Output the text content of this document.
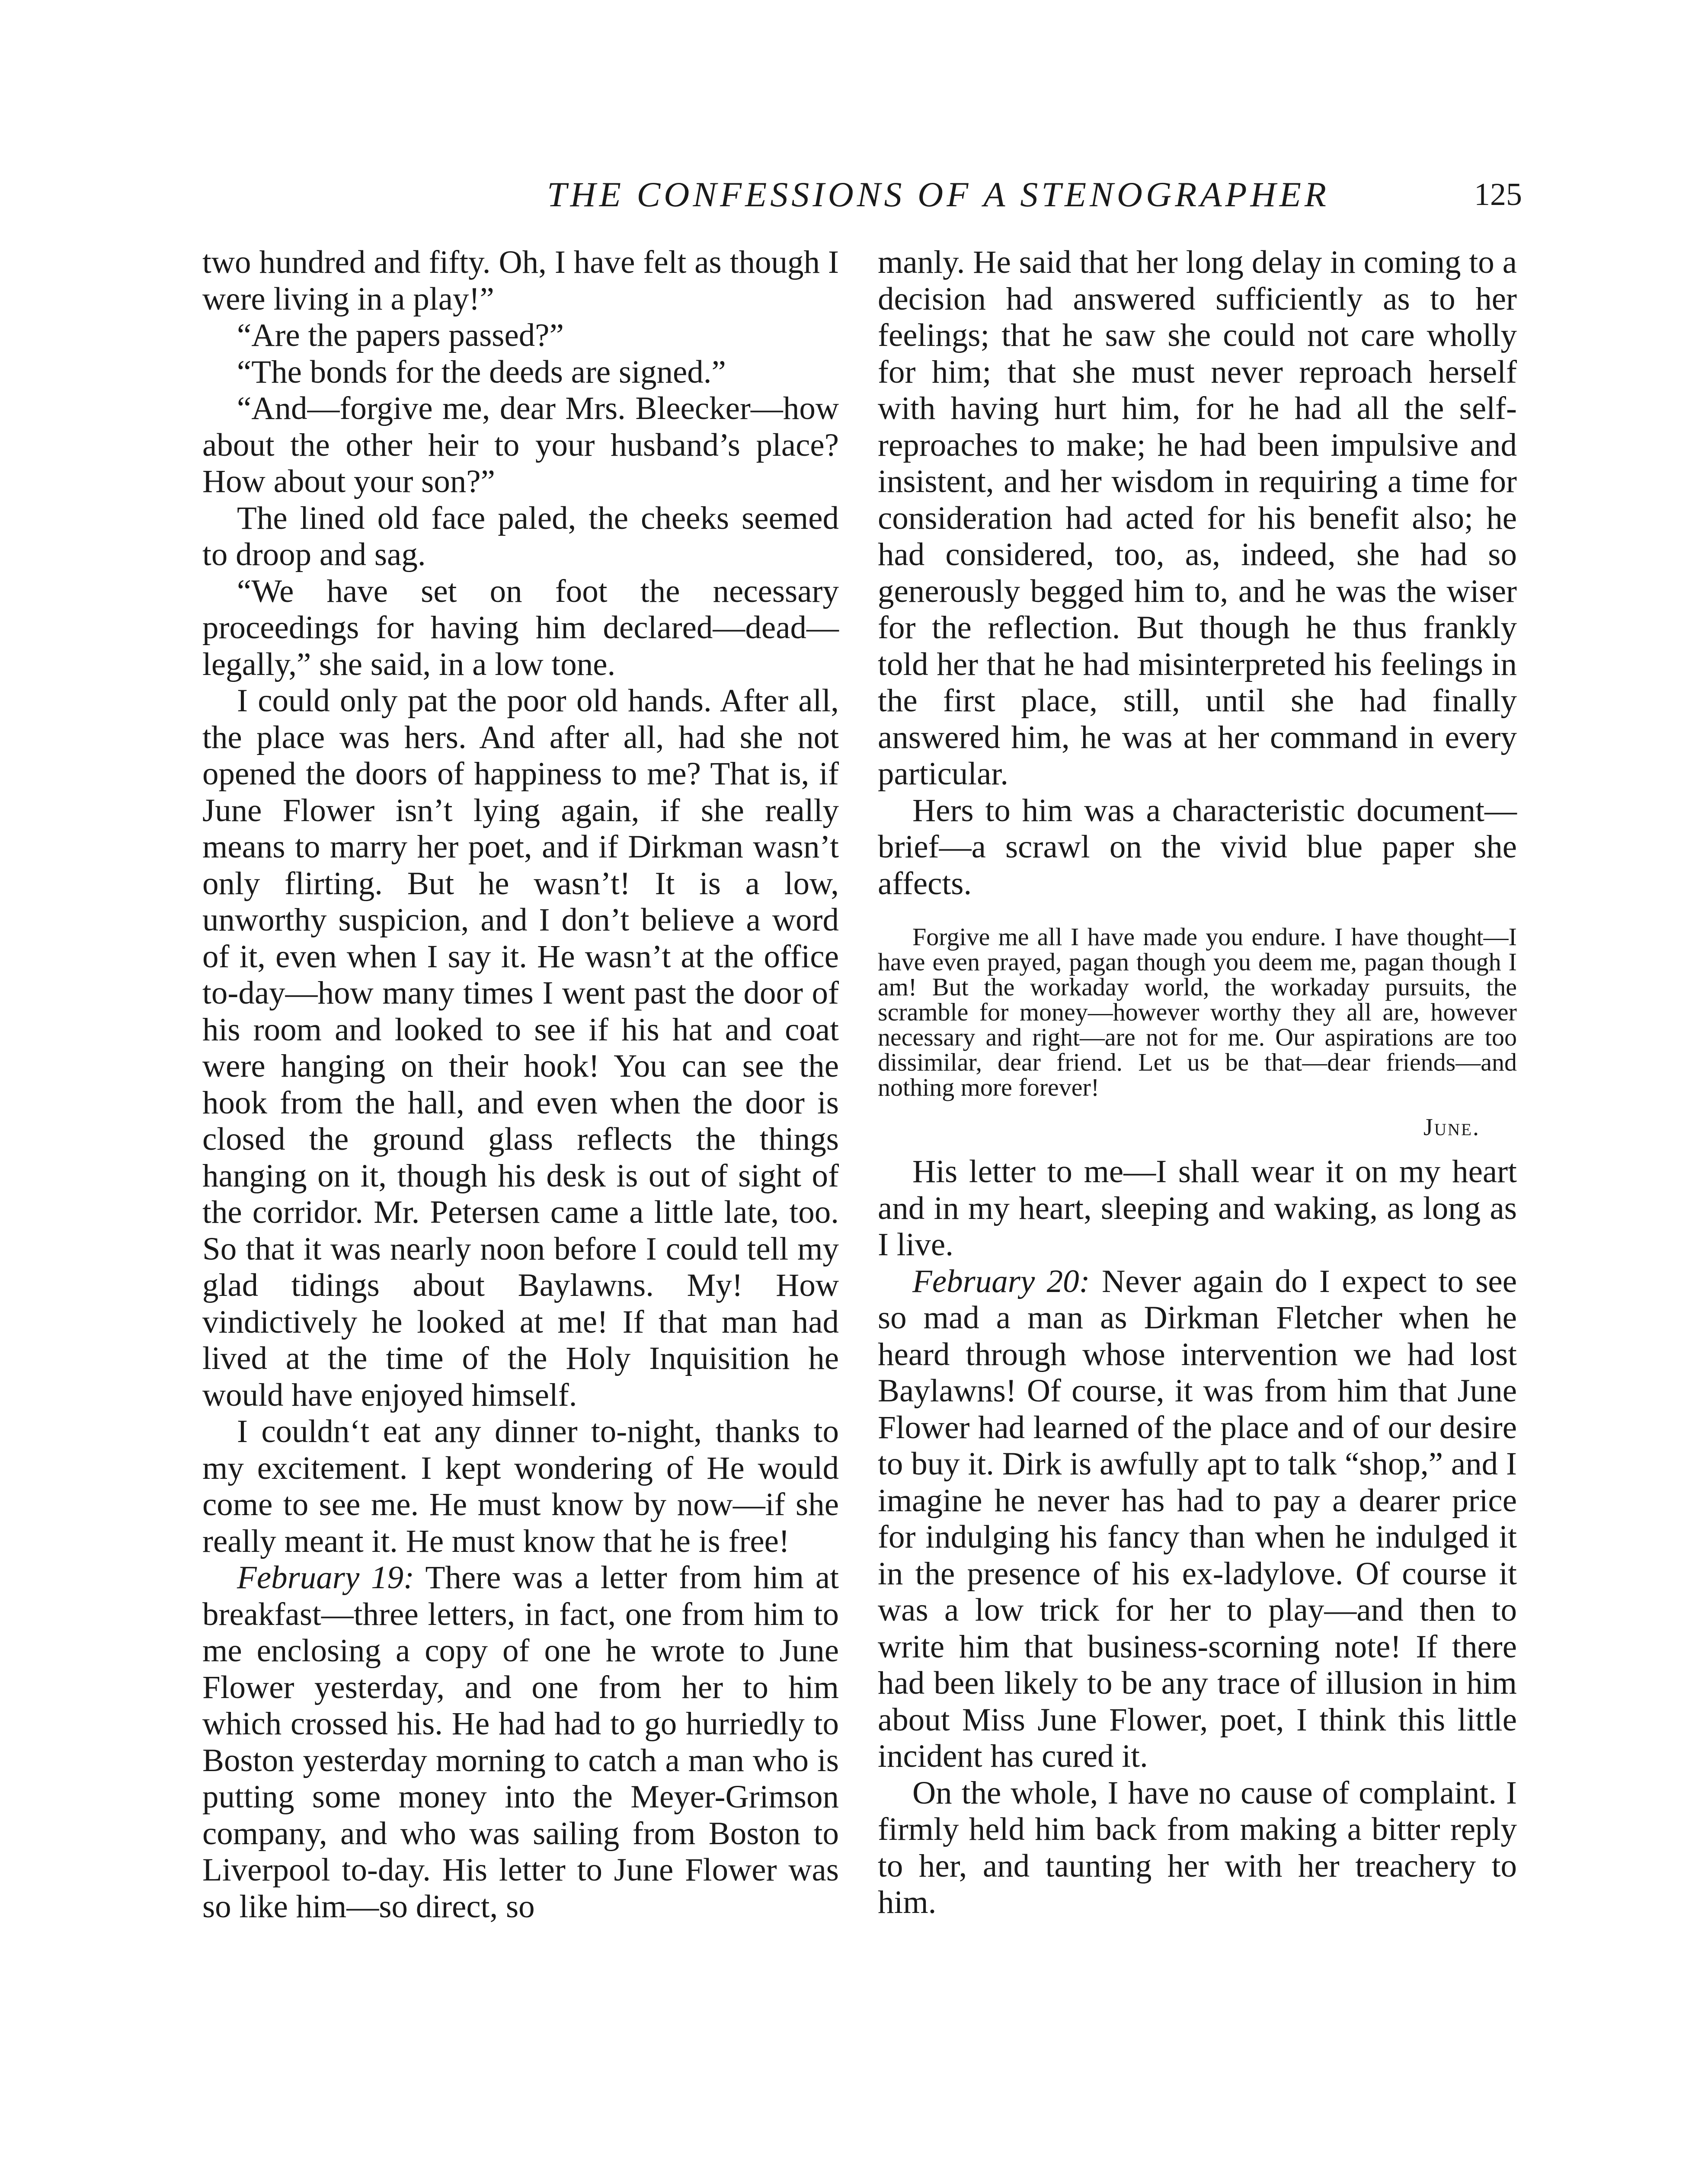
THE CONFESSIONS OF A STENOGRAPHER	125

two hundred and fifty. Oh, I have felt as though I were living in a play!”

“Are the papers passed?”

“The bonds for the deeds are signed.”

“And—forgive me, dear Mrs. Bleecker—how about the other heir to your husband’s place? How about your son?”

The lined old face paled, the cheeks seemed to droop and sag.

“We have set on foot the necessary proceedings for having him declared—dead—legally,” she said, in a low tone.

I could only pat the poor old hands. After all, the place was hers. And after all, had she not opened the doors of happiness to me? That is, if June Flower isn’t lying again, if she really means to marry her poet, and if Dirkman wasn’t only flirting. But he wasn’t! It is a low, unworthy suspicion, and I don’t believe a word of it, even when I say it. He wasn’t at the office to-day—how many times I went past the door of his room and looked to see if his hat and coat were hanging on their hook! You can see the hook from the hall, and even when the door is closed the ground glass reflects the things hanging on it, though his desk is out of sight of the corridor. Mr. Petersen came a little late, too. So that it was nearly noon before I could tell my glad tidings about Baylawns. My! How vindictively he looked at me! If that man had lived at the time of the Holy Inquisition he would have enjoyed himself.

I couldn‘t eat any dinner to-night, thanks to my excitement. I kept wondering of He would come to see me. He must know by now—if she really meant it. He must know that he is free!

February 19: There was a letter from him at breakfast—three letters, in fact, one from him to me enclosing a copy of one he wrote to June Flower yesterday, and one from her to him which crossed his. He had had to go hurriedly to Boston yesterday morning to catch a man who is putting some money into the Meyer-Grimson company, and who was sailing from Boston to Liverpool to-day. His letter to June Flower was so like him—so direct, so

manly. He said that her long delay in coming to a decision had answered sufficiently as to her feelings; that he saw she could not care wholly for him; that she must never reproach herself with having hurt him, for he had all the self-reproaches to make; he had been impulsive and insistent, and her wisdom in requiring a time for consideration had acted for his benefit also; he had considered, too, as, indeed, she had so generously begged him to, and he was the wiser for the reflection. But though he thus frankly told her that he had misinterpreted his feelings in the first place, still, until she had finally answered him, he was at her command in every particular.

Hers to him was a characteristic document—brief—a scrawl on the vivid blue paper she affects.

Forgive me all I have made you endure. I have thought—I have even prayed, pagan though you deem me, pagan though I am! But the workaday world, the workaday pursuits, the scramble for money—however worthy they all are, however necessary and right—are not for me. Our aspirations are too dissimilar, dear friend. Let us be that—dear friends—and nothing more forever!
June.

His letter to me—I shall wear it on my heart and in my heart, sleeping and waking, as long as I live.

February 20: Never again do I expect to see so mad a man as Dirkman Fletcher when he heard through whose intervention we had lost Baylawns! Of course, it was from him that June Flower had learned of the place and of our desire to buy it. Dirk is awfully apt to talk “shop,” and I imagine he never has had to pay a dearer price for indulging his fancy than when he indulged it in the presence of his ex-ladylove. Of course it was a low trick for her to play—and then to write him that business-scorning note! If there had been likely to be any trace of illusion in him about Miss June Flower, poet, I think this little incident has cured it.

On the whole, I have no cause of complaint. I firmly held him back from making a bitter reply to her, and taunting her with her treachery to him.
